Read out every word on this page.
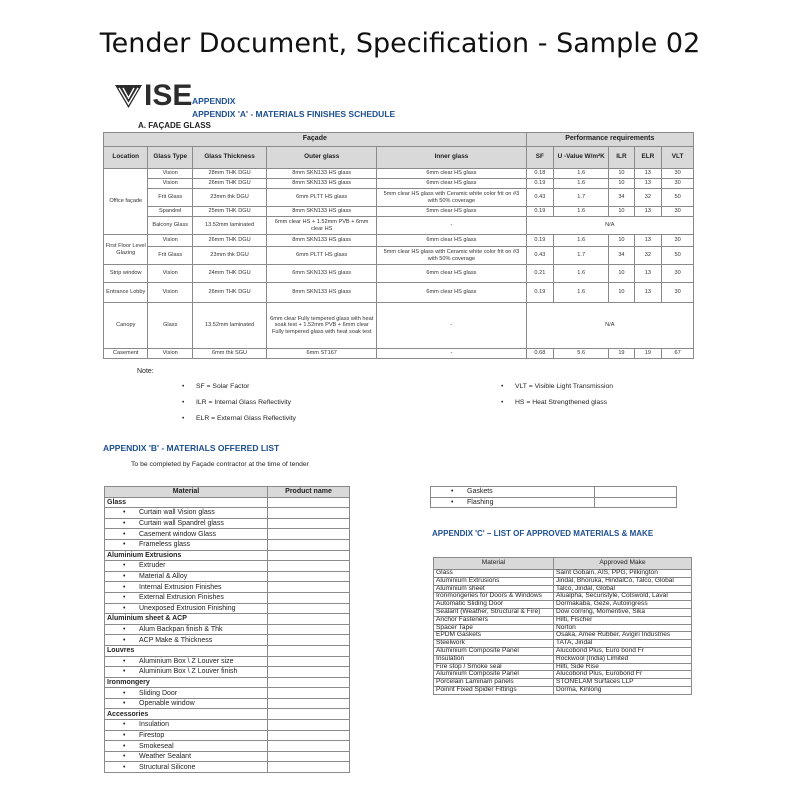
Tender Document, Specification - Sample 02
ISE APPENDIX
APPENDIX 'A' - MATERIALS FINISHES SCHEDULE
A. FAÇADE GLASS
Façade					Performance requirements				
Location	Glass Type	Glass Thickness	Outer glass	Inner glass	SF	U -Value W/m²K	ILR	ELR	VLT
Office façade	Vision	28mm THK DGU	8mm SKN133 HS glass	6mm clear HS glass	0.18	1.6	10	13	30
	Vision	26mm THK DGU	8mm SKN133 HS glass	6mm clear HS glass	0.19	1.6	10	13	30
	Frit Glass	23mm thk DGU	6mm PLTT HS glass	5mm clear HS glass with Ceramic white color frit on #3 with 50% coverage	0.43	1.7	34	32	50
	Spandrel	25mm THK DGU	8mm SKN133 HS glass	5mm clear HS glass	0.19	1.6	10	13	30
	Balcony Glass	13.52mm laminated	6mm clear HS + 1.52mm PVB + 6mm clear HS	-	N/A				
First Floor Level Glazing	Vision	26mm THK DGU	8mm SKN133 HS glass	6mm clear HS glass	0.19	1.6	10	13	30
	Frit Glass	23mm thk DGU	6mm PLTT HS glass	5mm clear HS glass with Ceramic white color frit on #3 with 50% coverage	0.43	1.7	34	32	50
Strip window	Vision	24mm THK DGU	6mm SKN133 HS glass	6mm clear HS glass	0.21	1.6	10	13	30
Entrance Lobby	Vision	26mm THK DGU	8mm SKN133 HS glass	6mm clear HS glass	0.19	1.6	10	13	30
Canopy	Glass	13.52mm laminated	6mm clear Fully tempered glass with heat soak test + 1.52mm PVB + 6mm clear Fully tempered glass with heat soak test	-	N/A				
Casement	Vision	6mm thk SGU	6mm ST167	-	0.68	5.6	19	19	67
Note:
• SF = Solar Factor
• ILR = Internal Glass Reflectivity
• ELR = External Glass Reflectivity
• VLT = Visible Light Transmission
• HS = Heat Strengthened glass
APPENDIX 'B' - MATERIALS OFFERED LIST
To be completed by Façade contractor at the time of tender
Material	Product name
Glass	
• Curtain wall Vision glass	
• Curtain wall Spandrel glass	
• Casement window Glass	
• Frameless glass	
Aluminium Extrusions	
• Extruder	
• Material & Alloy	
• Internal Extrusion Finishes	
• External Extrusion Finishes	
• Unexposed Extrusion Finishing	
Aluminium sheet & ACP	
• Alum Backpan finish & Thk	
• ACP Make & Thickness	
Louvres	
• Aluminium Box \ Z Louver size	
• Aluminium Box \ Z Louver finish	
Ironmongery	
• Sliding Door	
• Openable window	
Accessories	
• Insulation	
• Firestop	
• Smokeseal	
• Weather Sealant	
• Structural Silicone	
• Gaskets	
• Flashing	
APPENDIX 'C' – LIST OF APPROVED MATERIALS & MAKE
Material	Approved Make
Glass	Saint Gobain, AIS, PPG, Pilkington
Aluminium Extrusions	Jindal, Bhoruka, HindalCo, Talco, Global
Aluminium sheet	Talco, Jindal, Global
Ironmongeries for Doors & Windows	Alualpha, Securistyle, Cotswold, Laval
Automatic Sliding Door	Dormakaba, Geze, Autoingress
Sealant (Weather, Structural & Fire)	Dow corning, Momentive, Sika
Anchor Fasteners	Hilti, Fischer
Spacer Tape	Norton
EPDM Gaskets	Osaka, Amee Rubber, Avigiri Industries
Steelwork	TATA, Jindal
Aluminium Composite Panel	Alucobond Plus, Euro bond Fr
Insulation	Rockwool (India) Limited
Fire stop / Smoke seal	Hilti, Side Rise
Aluminium Composite Panel	Alucobond Plus, Eurobond Fr
Porcelain Laminam panels	STONELAM Surfaces LLP
Poinnt Fixed Spider Fittings	Dorma, Kinlong
